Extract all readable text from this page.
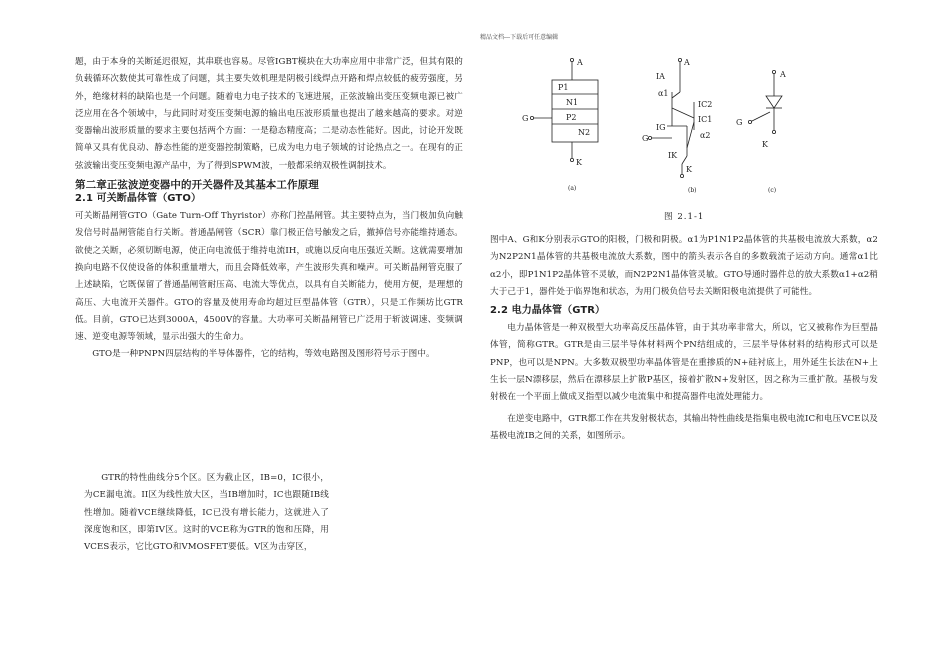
精品文档---下载后可任意编辑

题，由于本身的关断延迟很短，其串联也容易。尽管IGBT模块在大功率应用中非常广泛，但其有限的负载循环次数使其可靠性成了问题，其主要失效机理是阴极引线焊点开路和焊点较低的疲劳强度，另外，绝缘材料的缺陷也是一个问题。随着电力电子技术的飞速进展，正弦波输出变压变频电源已被广泛应用在各个领域中，与此同时对变压变频电源的输出电压波形质量也提出了越来越高的要求。对逆变器输出波形质量的要求主要包括两个方面：一是稳态精度高；二是动态性能好。因此，讨论开发既简单又具有优良动、静态性能的逆变器控制策略，已成为电力电子领域的讨论热点之一。在现有的正弦波输出变压变频电源产品中，为了得到SPWM波，一般都采纳双极性调制技术。

第二章正弦波逆变器中的开关器件及其基本工作原理
2.1 可关断晶体管（GTO）

可关断晶闸管GTO（Gate Turn-Off Thyristor）亦称门控晶闸管。其主要特点为，当门极加负向触发信号时晶闸管能自行关断。普通晶闸管（SCR）靠门极正信号触发之后，撤掉信号亦能维持通态。欲使之关断，必须切断电源，使正向电流低于维持电流IH，或施以反向电压强近关断。这就需要增加换向电路不仅使设备的体积重量增大，而且会降低效率，产生波形失真和噪声。可关断晶闸管克服了上述缺陷，它既保留了普通晶闸管耐压高、电流大等优点，以具有自关断能力，使用方便，是理想的高压、大电流开关器件。GTO的容量及使用寿命均超过巨型晶体管（GTR），只是工作频坊比GTR低。目前，GTO已达到3000A，4500V的容量。大功率可关断晶闸管已广泛用于斩波调速、变频调速、逆变电源等领域，显示出强大的生命力。

GTO是一种PNPN四层结构的半导体器件，它的结构，等效电路图及图形符号示于图中。

GTR的特性曲线分5个区。区为截止区，IB=0，IC很小，为CE漏电流。II区为线性放大区，当IB增加时，IC也跟随IB线性增加。随着VCE继续降低，IC已没有增长能力，这就进入了深度饱和区，即第IV区。这时的VCE称为GTR的饱和压降，用VCES表示，它比GTO和VMOSFET要低。V区为击穿区，

A
P1
N1
P2
N2
G
K
A
IA
α1
IC2
IC1
IG
G	α2
IK
K
A
G
K
(a)	(b)	(c)
图 2.1-1

图中A、G和K分别表示GTO的阳极，门极和阴极。α1为P1N1P2晶体管的共基极电流放大系数，α2为N2P2N1晶体管的共基极电流放大系数，图中的箭头表示各自的多数载流子运动方向。通常α1比α2小，即P1N1P2晶体管不灵敏，而N2P2N1晶体管灵敏。GTO导通时器件总的放大系数α1+α2稍大于己于1，器件处于临界饱和状态，为用门极负信号去关断阳极电流提供了可能性。

2.2 电力晶体管（GTR）

电力晶体管是一种双极型大功率高反压晶体管，由于其功率非常大，所以，它又被称作为巨型晶体管，简称GTR。GTR是由三层半导体材料两个PN结组成的，三层半导体材料的结构形式可以是PNP，也可以是NPN。大多数双极型功率晶体管是在重掺质的N+硅衬底上，用外延生长法在N+上生长一层N漂移层，然后在漂移层上扩散P基区，接着扩散N+发射区，因之称为三重扩散。基极与发射极在一个平面上做成叉指型以减少电流集中和提高器件电流处理能力。

在逆变电路中，GTR都工作在共发射极状态，其输出特性曲线是指集电极电流IC和电压VCE以及基极电流IB之间的关系，如图所示。
